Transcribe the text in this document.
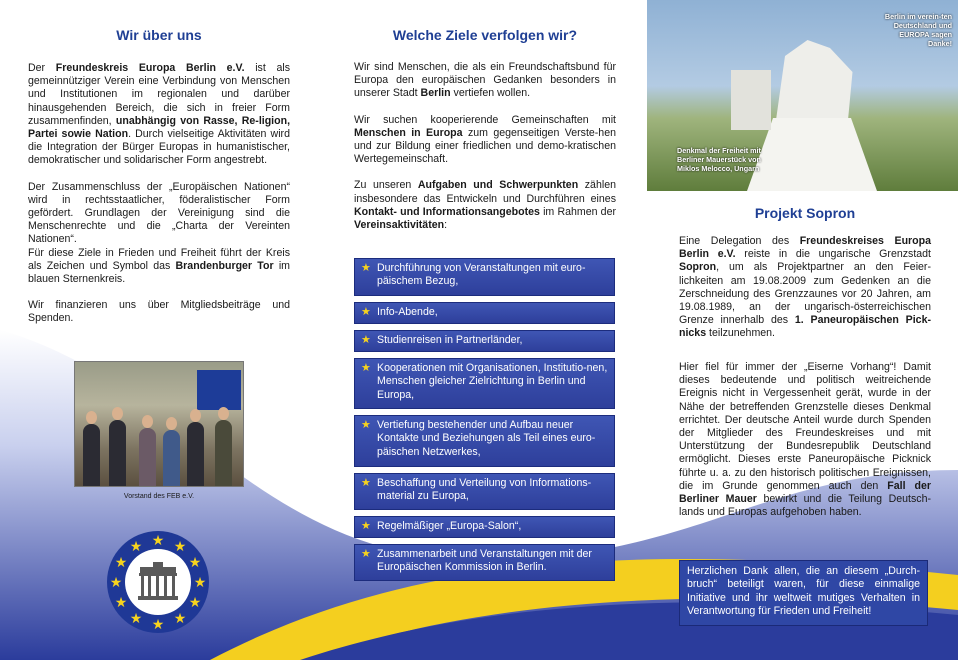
Wir über uns

Der Freundeskreis Europa Berlin e.V. ist als gemeinnütziger Verein eine Verbindung von Menschen und Institutionen im regionalen und darüber hinausgehenden Bereich, die sich in freier Form zusammenfinden, unabhängig von Rasse, Re-ligion, Partei sowie Nation. Durch vielseitige Aktivitäten wird die Integration der Bürger Europas in humanistischer, demokratischer und solidarischer Form angestrebt.

Der Zusammenschluss der „Europäischen Nationen“ wird in rechtsstaatlicher, föderalistischer Form gefördert. Grundlagen der Vereinigung sind die Menschenrechte und die „Charta der Vereinten Nationen“.

Für diese Ziele in Frieden und Freiheit führt der Kreis als Zeichen und Symbol das Brandenburger Tor im blauen Sternenkreis.

Wir finanzieren uns über Mitgliedsbeiträge und Spenden.

Vorstand des FEB e.V.
★ ★
★
★
★
★
★
★
★
★
★
★
Welche Ziele verfolgen wir?

Wir sind Menschen, die als ein Freundschaftsbund für Europa den europäischen Gedanken besonders in unserer Stadt Berlin vertiefen wollen.

Wir suchen kooperierende Gemeinschaften mit Menschen in Europa zum gegenseitigen Verste-hen und zur Bildung einer friedlichen und demo-kratischen Wertegemeinschaft.

Zu unseren Aufgaben und Schwerpunkten zählen insbesondere das Entwickeln und Durchführen eines Kontakt- und Informationsangebotes im Rahmen der Vereinsaktivitäten:

★ Durchführung von Veranstaltungen mit euro-päischem Bezug,
★ Info-Abende,
★ Studienreisen in Partnerländer,
★ Kooperationen mit Organisationen, Institutio-nen, Menschen gleicher Zielrichtung in Berlin und Europa,
★ Vertiefung bestehender und Aufbau neuer Kontakte und Beziehungen als Teil eines euro-päischen Netzwerkes,
★ Beschaffung und Verteilung von Informations-material zu Europa,
★ Regelmäßiger „Europa-Salon“,
★ Zusammenarbeit und Veranstaltungen mit der Europäischen Kommission in Berlin.
Berlin im verein-ten Deutschland und EUROPA sagen Danke!
Denkmal der Freiheit mit Berliner Mauerstück von Miklos Melocco, Ungarn
Projekt Sopron

Eine Delegation des Freundeskreises Europa Berlin e.V. reiste in die ungarische Grenzstadt Sopron, um als Projektpartner an den Feier-lichkeiten am 19.08.2009 zum Gedenken an die Zerschneidung des Grenzzaunes vor 20 Jahren, am 19.08.1989, an der ungarisch-österreichischen Grenze innerhalb des 1. Paneuropäischen Pick-nicks teilzunehmen.

Hier fiel für immer der „Eiserne Vorhang“! Damit dieses bedeutende und politisch weitreichende Ereignis nicht in Vergessenheit gerät, wurde in der Nähe der betreffenden Grenzstelle dieses Denkmal errichtet. Der deutsche Anteil wurde durch Spenden der Mitglieder des Freundeskreises und mit Unterstützung der Bundesrepublik Deutschland ermöglicht. Dieses erste Paneuropäische Picknick führte u. a. zu den historisch politischen Ereignissen, die im Grunde genommen auch den Fall der Berliner Mauer bewirkt und die Teilung Deutsch-lands und Europas aufgehoben haben.

Herzlichen Dank allen, die an diesem „Durch-bruch“ beteiligt waren, für diese einmalige Initiative und ihr weltweit mutiges Verhalten in Verantwortung für Frieden und Freiheit!
